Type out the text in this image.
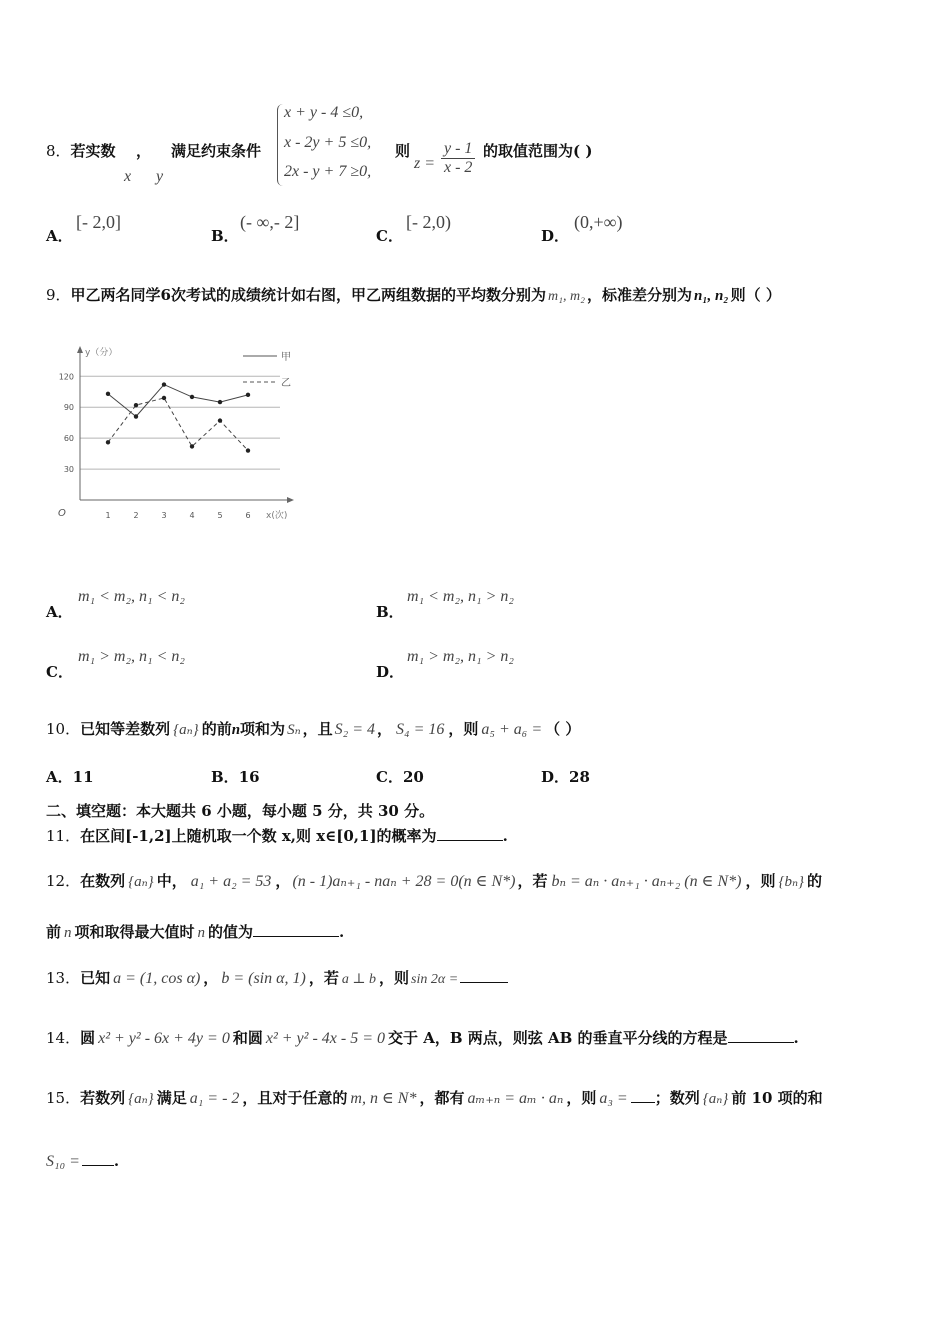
8．若实数 ， 满足约束条件
x y
x + y - 4 ≤0,
x - 2y + 5 ≤0,
2x - y + 7 ≥0,
则
$z = \frac{y - 1}{x - 2}$ 的取值范围为( )
A．
[- 2,0]
B．
(- ∞,- 2]
C．
[- 2,0)
D．
(0,+∞)
9．甲乙两名同学6次考试的成绩统计如右图，甲乙两组数据的平均数分别为 m₁, m₂ ，标准差分别为 n₁, n₂ 则（ ）
120
90
60
30
y（分）
x(次)
O	1	2	3	4	5	6
甲
乙
A．
m₁ < m₂, n₁ < n₂
B．
m₁ < m₂, n₁ > n₂
C．
m₁ > m₂, n₁ < n₂
D．
m₁ > m₂, n₁ > n₂
10．已知等差数列 {aₙ} 的前n项和为 Sₙ ，且 S₂ = 4 ， S₄ = 16 ，则 a₅ + a₆ = （ ）
A．11	B．16	C．20	D．28
二、填空题：本大题共 6 小题，每小题 5 分，共 30 分。
11．在区间[-1,2]上随机取一个数 x,则 x∈[0,1]的概率为	.
12．在数列 {aₙ} 中， a₁ + a₂ = 53 ， (n - 1)aₙ₊₁ - naₙ + 28 = 0(n ∈ N*) ，若 bₙ = aₙ · aₙ₊₁ · aₙ₊₂ (n ∈ N*) ，则 {bₙ} 的
前 n 项和取得最大值时 n 的值为	.
13．已知 a = (1, cos α) ， b = (sin α, 1) ，若 a ⊥ b ，则 sin 2α =
14．圆 x² + y² - 6x + 4y = 0 和圆 x² + y² - 4x - 5 = 0 交于 A，B 两点，则弦 AB 的垂直平分线的方程是	.
15．若数列 {aₙ} 满足 a₁ = - 2 ，且对于任意的 m, n ∈ N* ，都有 aₘ₊ₙ = aₘ · aₙ ，则 a₃ = ；数列 {aₙ} 前 10 项的和
S₁₀ = .
